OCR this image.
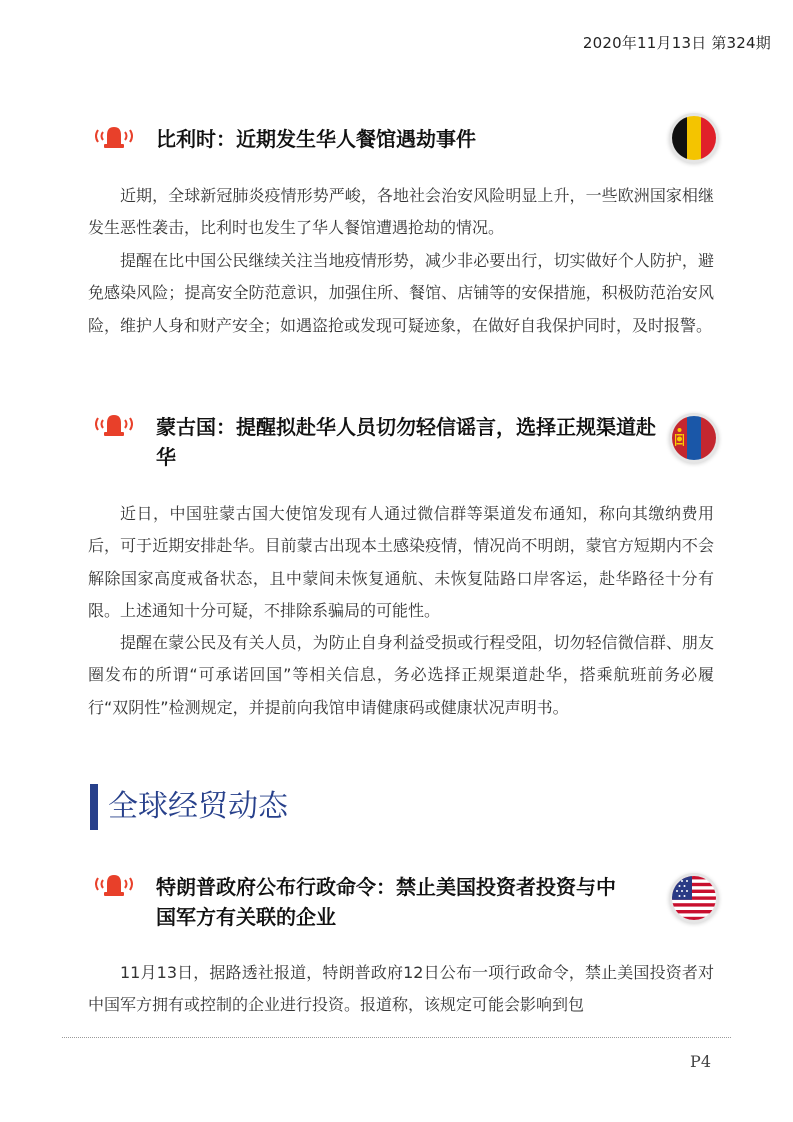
2020年11月13日 第324期
比利时：近期发生华人餐馆遇劫事件

近期，全球新冠肺炎疫情形势严峻，各地社会治安风险明显上升，一些欧洲国家相继发生恶性袭击，比利时也发生了华人餐馆遭遇抢劫的情况。

提醒在比中国公民继续关注当地疫情形势，减少非必要出行，切实做好个人防护，避免感染风险；提高安全防范意识，加强住所、餐馆、店铺等的安保措施，积极防范治安风险，维护人身和财产安全；如遇盗抢或发现可疑迹象，在做好自我保护同时，及时报警。

蒙古国：提醒拟赴华人员切勿轻信谣言，选择正规渠道赴华

近日，中国驻蒙古国大使馆发现有人通过微信群等渠道发布通知，称向其缴纳费用后，可于近期安排赴华。目前蒙古出现本土感染疫情，情况尚不明朗，蒙官方短期内不会解除国家高度戒备状态，且中蒙间未恢复通航、未恢复陆路口岸客运，赴华路径十分有限。上述通知十分可疑，不排除系骗局的可能性。

提醒在蒙公民及有关人员，为防止自身利益受损或行程受阻，切勿轻信微信群、朋友圈发布的所谓“可承诺回国”等相关信息，务必选择正规渠道赴华，搭乘航班前务必履行“双阴性”检测规定，并提前向我馆申请健康码或健康状况声明书。

全球经贸动态
特朗普政府公布行政命令：禁止美国投资者投资与中国军方有关联的企业

11月13日，据路透社报道，特朗普政府12日公布一项行政命令，禁止美国投资者对中国军方拥有或控制的企业进行投资。报道称，该规定可能会影响到包

P4
